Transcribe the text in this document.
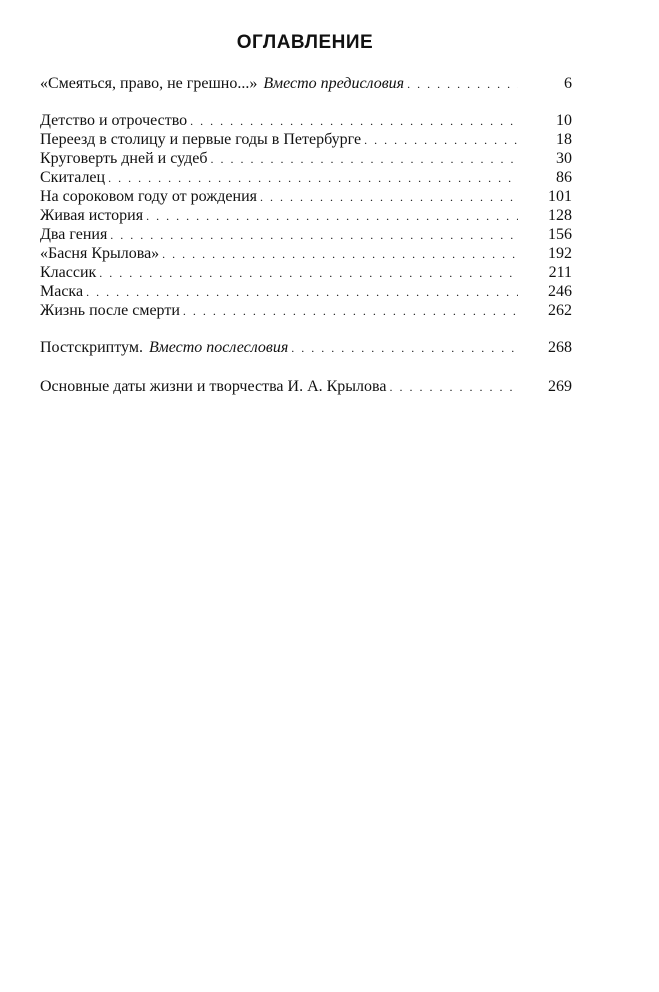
ОГЛАВЛЕНИЕ
«Смеяться, право, не грешно...» Вместо предисловия . . .	6
Детство и отрочество . . .	10
Переезд в столицу и первые годы в Петербурге . . .	18
Круговерть дней и судеб . . .	30
Скиталец . . .	86
На сороковом году от рождения . . .	101
Живая история . . .	128
Два гения . . .	156
«Басня Крылова» . . .	192
Классик . . .	211
Маска . . .	246
Жизнь после смерти . . .	262
Постскриптум. Вместо послесловия . . .	268
Основные даты жизни и творчества И. А. Крылова . . .	269
